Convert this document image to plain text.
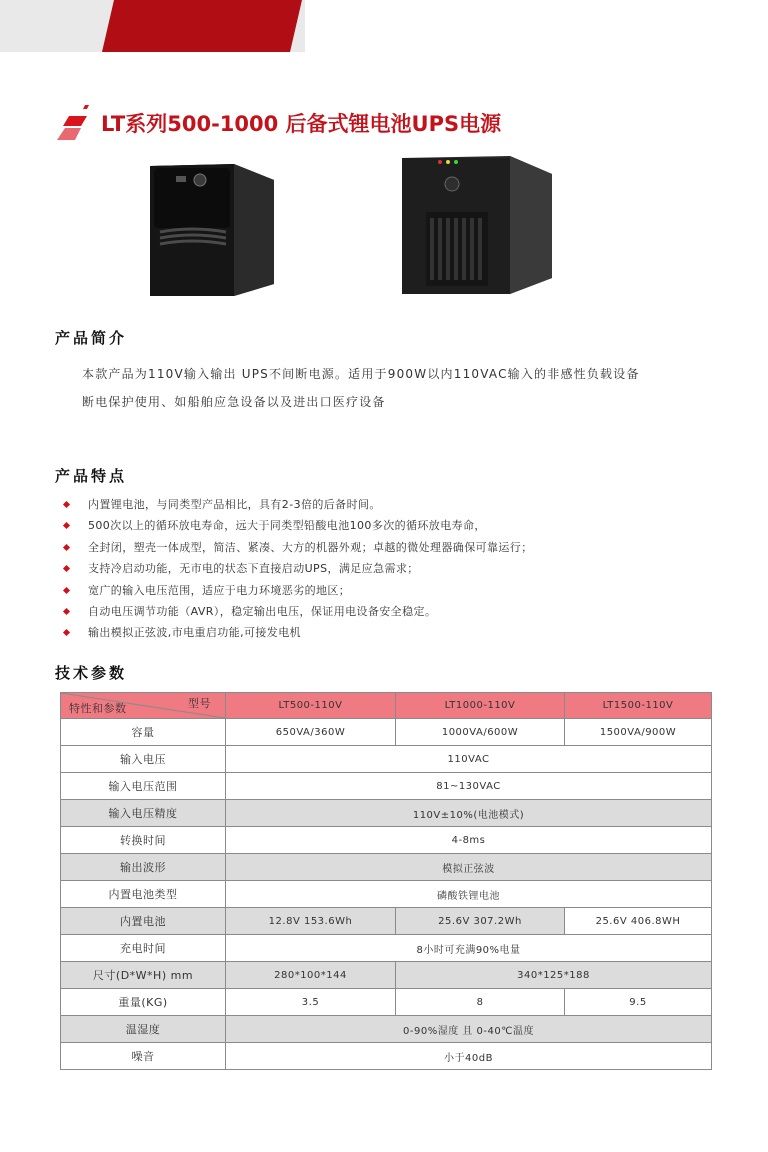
LT系列500-1000 后备式锂电池UPS电源
产品简介
本款产品为110V输入输出 UPS不间断电源。适用于900W以内110VAC输入的非感性负载设备断电保护使用、如船舶应急设备以及进出口医疗设备
产品特点
内置锂电池，与同类型产品相比，具有2-3倍的后备时间。
500次以上的循环放电寿命，远大于同类型铅酸电池100多次的循环放电寿命，
全封闭，塑壳一体成型，简洁、紧凑、大方的机器外观；卓越的微处理器确保可靠运行；
支持冷启动功能，无市电的状态下直接启动UPS，满足应急需求；
宽广的输入电压范围，适应于电力环境恶劣的地区；
自动电压调节功能（AVR），稳定输出电压，保证用电设备安全稳定。
输出模拟正弦波,市电重启功能,可接发电机
技术参数
型号
特性和参数	LT500-110V	LT1000-110V	LT1500-110V
容量	650VA/360W	1000VA/600W	1500VA/900W
输入电压	110VAC		
输入电压范围	81~130VAC		
输入电压精度	110V±10%(电池模式)		
转换时间	4-8ms		
输出波形	模拟正弦波		
内置电池类型	磷酸铁锂电池		
内置电池	12.8V 153.6Wh	25.6V 307.2Wh	25.6V 406.8WH
充电时间	8小时可充满90%电量		
尺寸(D*W*H) mm	280*100*144	340*125*188	
重量(KG)	3.5	8	9.5
温湿度	0-90%湿度 且 0-40℃温度		
噪音	小于40dB		
